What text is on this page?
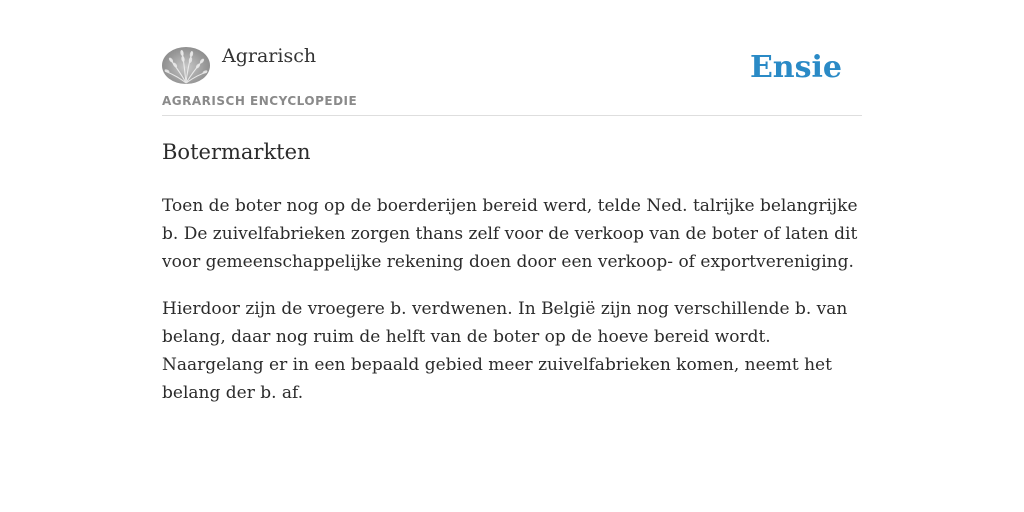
Agrarisch
AGRARISCH ENCYCLOPEDIE
Ensie
Botermarkten

Toen de boter nog op de boerderijen bereid werd, telde Ned. talrijke belangrijke b. De zuivelfabrieken zorgen thans zelf voor de verkoop van de boter of laten dit voor gemeenschappelijke rekening doen door een verkoop- of exportvereniging.

Hierdoor zijn de vroegere b. verdwenen. In België zijn nog verschillende b. van belang, daar nog ruim de helft van de boter op de hoeve bereid wordt. Naargelang er in een bepaald gebied meer zuivelfabrieken komen, neemt het belang der b. af.
